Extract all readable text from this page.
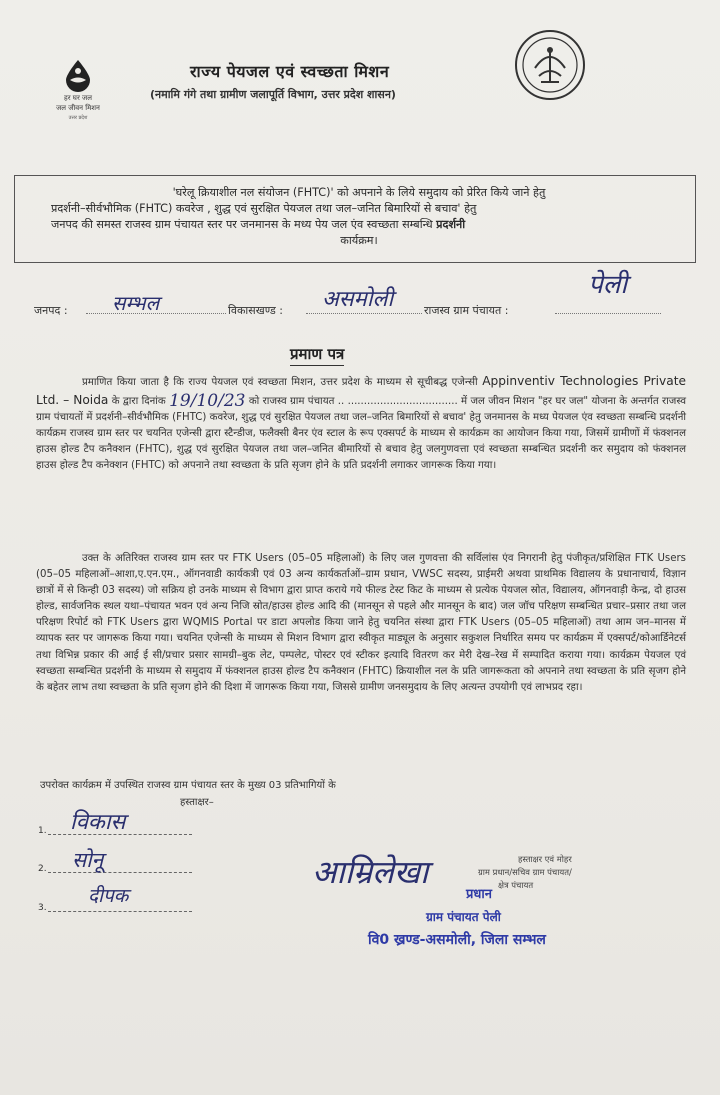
हर घर जल
जल जीवन मिशन
उत्तर प्रदेश
राज्य पेयजल एवं स्वच्छता मिशन
(नमामि गंगे तथा ग्रामीण जलापूर्ति विभाग, उत्तर प्रदेश शासन)
'घरेलू क्रियाशील नल संयोजन (FHTC)' को अपनाने के लिये समुदाय को प्रेरित किये जाने हेतु
प्रदर्शनी–सीर्वभौमिक (FHTC) कवरेज , शुद्ध एवं सुरक्षित पेयजल तथा जल–जनित बिमारियों से बचाव' हेतु
जनपद की समस्त राजस्व ग्राम पंचायत स्तर पर जनमानस के मध्य पेय जल एंव स्वच्छता सम्बन्धि प्रदर्शनी
कार्यक्रम।
जनपद : सम्भल	विकासखण्ड : असमोली	राजस्व ग्राम पंचायत :
पेली
प्रमाण पत्र
प्रमाणित किया जाता है कि राज्य पेयजल एवं स्वच्छता मिशन, उत्तर प्रदेश के माध्यम से सूचीबद्ध एजेन्सी Appinventiv Technologies Private Ltd. – Noida के द्वारा दिनांक 19/10/23 को राजस्व ग्राम पंचायत .. .................................. में जल जीवन मिशन "हर घर जल" योजना के अन्तर्गत राजस्व ग्राम पंचायतों में प्रदर्शनी–सीर्वभौमिक (FHTC) कवरेज, शुद्ध एवं सुरक्षित पेयजल तथा जल–जनित बिमारियों से बचाव' हेतु जनमानस के मध्य पेयजल एंव स्वच्छता सम्बन्धि प्रदर्शनी कार्यक्रम राजस्व ग्राम स्तर पर चयनित एजेन्सी द्वारा स्टैन्डीज, फलैक्सी बैनर एंव स्टाल के रूप एक्सपर्ट के माध्यम से कार्यक्रम का आयोजन किया गया, जिसमें ग्रामीणों में फंक्शनल हाउस होल्ड टैप कनैक्शन (FHTC), शुद्ध एवं सुरक्षित पेयजल तथा जल–जनित बीमारियों से बचाव हेतु जलगुणवत्ता एवं स्वच्छता सम्बन्धित प्रदर्शनी कर समुदाय को फंक्शनल हाउस होल्ड टैप कनेक्शन (FHTC) को अपनाने तथा स्वच्छता के प्रति सृजग होने के प्रति प्रदर्शनी लगाकर जागरूक किया गया।
उक्त के अतिरिक्त राजस्व ग्राम स्तर पर FTK Users (05–05 महिलाओं) के लिए जल गुणवत्ता की सर्विलांस एंव निगरानी हेतु पंजीकृत/प्रशिक्षित FTK Users (05–05 महिलाओं–आशा,ए.एन.एम., ऑगनवाडी कार्यकत्री एवं 03 अन्य कार्यकर्ताओं–ग्राम प्रधान, VWSC सदस्य, प्राईमरी अथवा प्राथमिक विद्यालय के प्रधानाचार्य, विज्ञान छात्रों में से किन्ही 03 सदस्य) जो सक्रिय हो उनके माध्यम से विभाग द्वारा प्राप्त कराये गये फील्ड टेस्ट किट के माध्यम से प्रत्येक पेयजल स्रोत, विद्यालय, ऑगनवाड़ी केन्द्र, दो हाउस होल्ड, सार्वजनिक स्थल यथा–पंचायत भवन एवं अन्य निजि स्रोत/हाउस होल्ड आदि की (मानसून से पहले और मानसून के बाद) जल जॉच परिक्षण सम्बन्धित प्रचार–प्रसार तथा जल परिक्षण रिपोर्ट को FTK Users द्वारा WQMIS Portal पर डाटा अपलोड किया जाने हेतु चयनित संस्था द्वारा FTK Users (05–05 महिलाओं) तथा आम जन–मानस में व्यापक स्तर पर जागरूक किया गया। चयनित एजेन्सी के माध्यम से मिशन विभाग द्वारा स्वीकृत माड्यूल के अनुसार सकुशल निर्धारित समय पर कार्यक्रम में एक्सपर्ट/कोआर्डिनेटर्स तथा विभिन्न प्रकार की आई ई सी/प्रचार प्रसार सामग्री–बुक लेट, पम्पलेट, पोस्टर एवं स्टीकर इत्यादि वितरण कर मेरी देख–रेख में सम्पादित कराया गया। कार्यक्रम पेयजल एवं स्वच्छता सम्बन्धित प्रदर्शनी के माध्यम से समुदाय में फंक्शनल हाउस होल्ड टैप कनैक्शन (FHTC) क्रियाशील नल के प्रति जागरूकता को अपनाने तथा स्वच्छता के प्रति सृजग होने के बहेतर लाभ तथा स्वच्छता के प्रति सृजग होने की दिशा में जागरूक किया गया, जिससे ग्रामीण जनसमुदाय के लिए अत्यन्त उपयोगी एवं लाभप्रद रहा।
उपरोक्त कार्यक्रम में उपस्थित राजस्व ग्राम पंचायत स्तर के मुख्य 03 प्रतिभागियों के
हस्ताक्षर–
1. विकास
2. सोनू
3.
दीपक
आम्रिलेखा	हस्ताक्षर एवं मोहर
ग्राम प्रधान/सचिव ग्राम पंचायत/
क्षेत्र पंचायत
प्रधान
ग्राम पंचायत पेली
वि0 ख्रण्ड-असमोली, जिला सम्भल
